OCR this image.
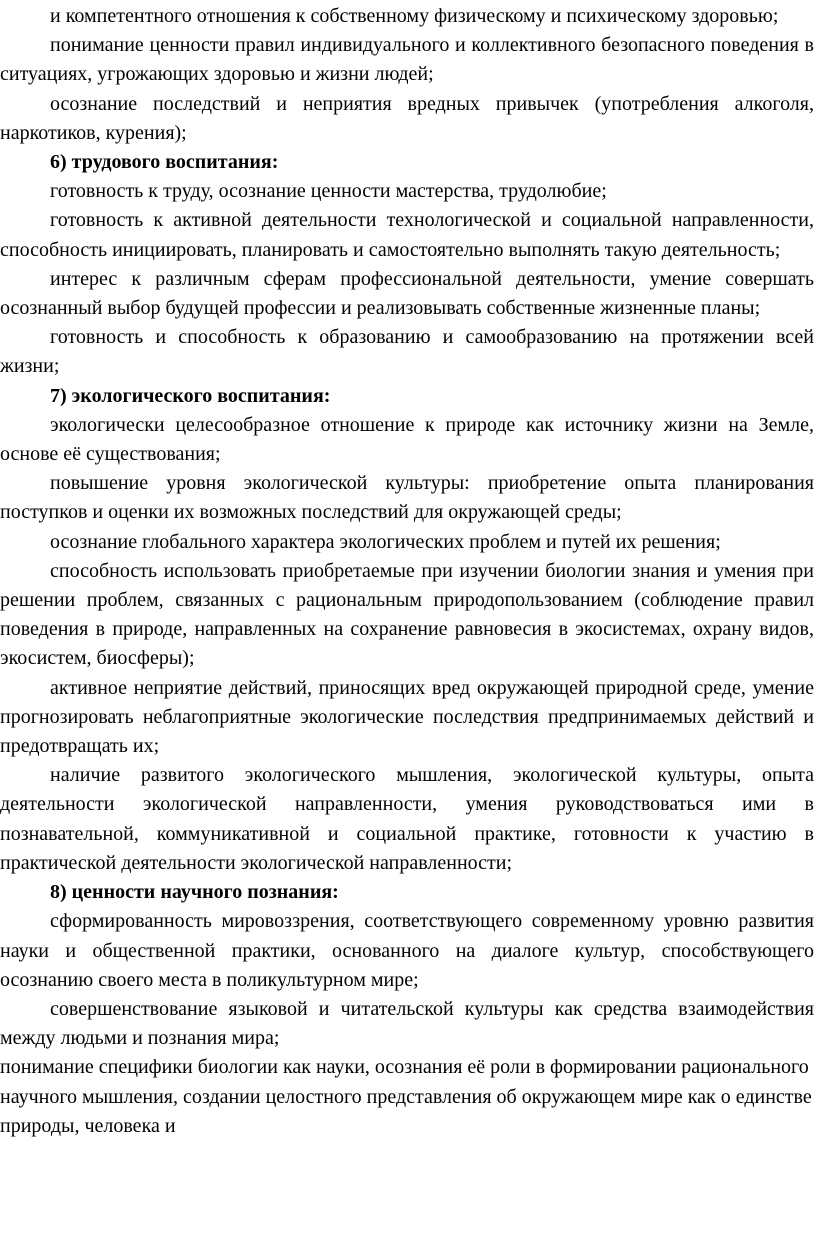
и компетентного отношения к собственному физическому и психическому здоровью;

понимание ценности правил индивидуального и коллективного безопасного поведения в ситуациях, угрожающих здоровью и жизни людей;

осознание последствий и неприятия вредных привычек (употребления алкоголя, наркотиков, курения);

6) трудового воспитания:

готовность к труду, осознание ценности мастерства, трудолюбие;

готовность к активной деятельности технологической и социальной направленности, способность инициировать, планировать и самостоятельно выполнять такую деятельность;

интерес к различным сферам профессиональной деятельности, умение совершать осознанный выбор будущей профессии и реализовывать собственные жизненные планы;

готовность и способность к образованию и самообразованию на протяжении всей жизни;

7) экологического воспитания:

экологически целесообразное отношение к природе как источнику жизни на Земле, основе её существования;

повышение уровня экологической культуры: приобретение опыта планирования поступков и оценки их возможных последствий для окружающей среды;

осознание глобального характера экологических проблем и путей их решения;

способность использовать приобретаемые при изучении биологии знания и умения при решении проблем, связанных с рациональным природопользованием (соблюдение правил поведения в природе, направленных на сохранение равновесия в экосистемах, охрану видов, экосистем, биосферы);

активное неприятие действий, приносящих вред окружающей природной среде, умение прогнозировать неблагоприятные экологические последствия предпринимаемых действий и предотвращать их;

наличие развитого экологического мышления, экологической культуры, опыта деятельности экологической направленности, умения руководствоваться ими в познавательной, коммуникативной и социальной практике, готовности к участию в практической деятельности экологической направленности;

8) ценности научного познания:

сформированность мировоззрения, соответствующего современному уровню развития науки и общественной практики, основанного на диалоге культур, способствующего осознанию своего места в поликультурном мире;

совершенствование языковой и читательской культуры как средства взаимодействия между людьми и познания мира;

понимание специфики биологии как науки, осознания её роли в формировании рационального научного мышления, создании целостного представления об окружающем мире как о единстве природы, человека и
